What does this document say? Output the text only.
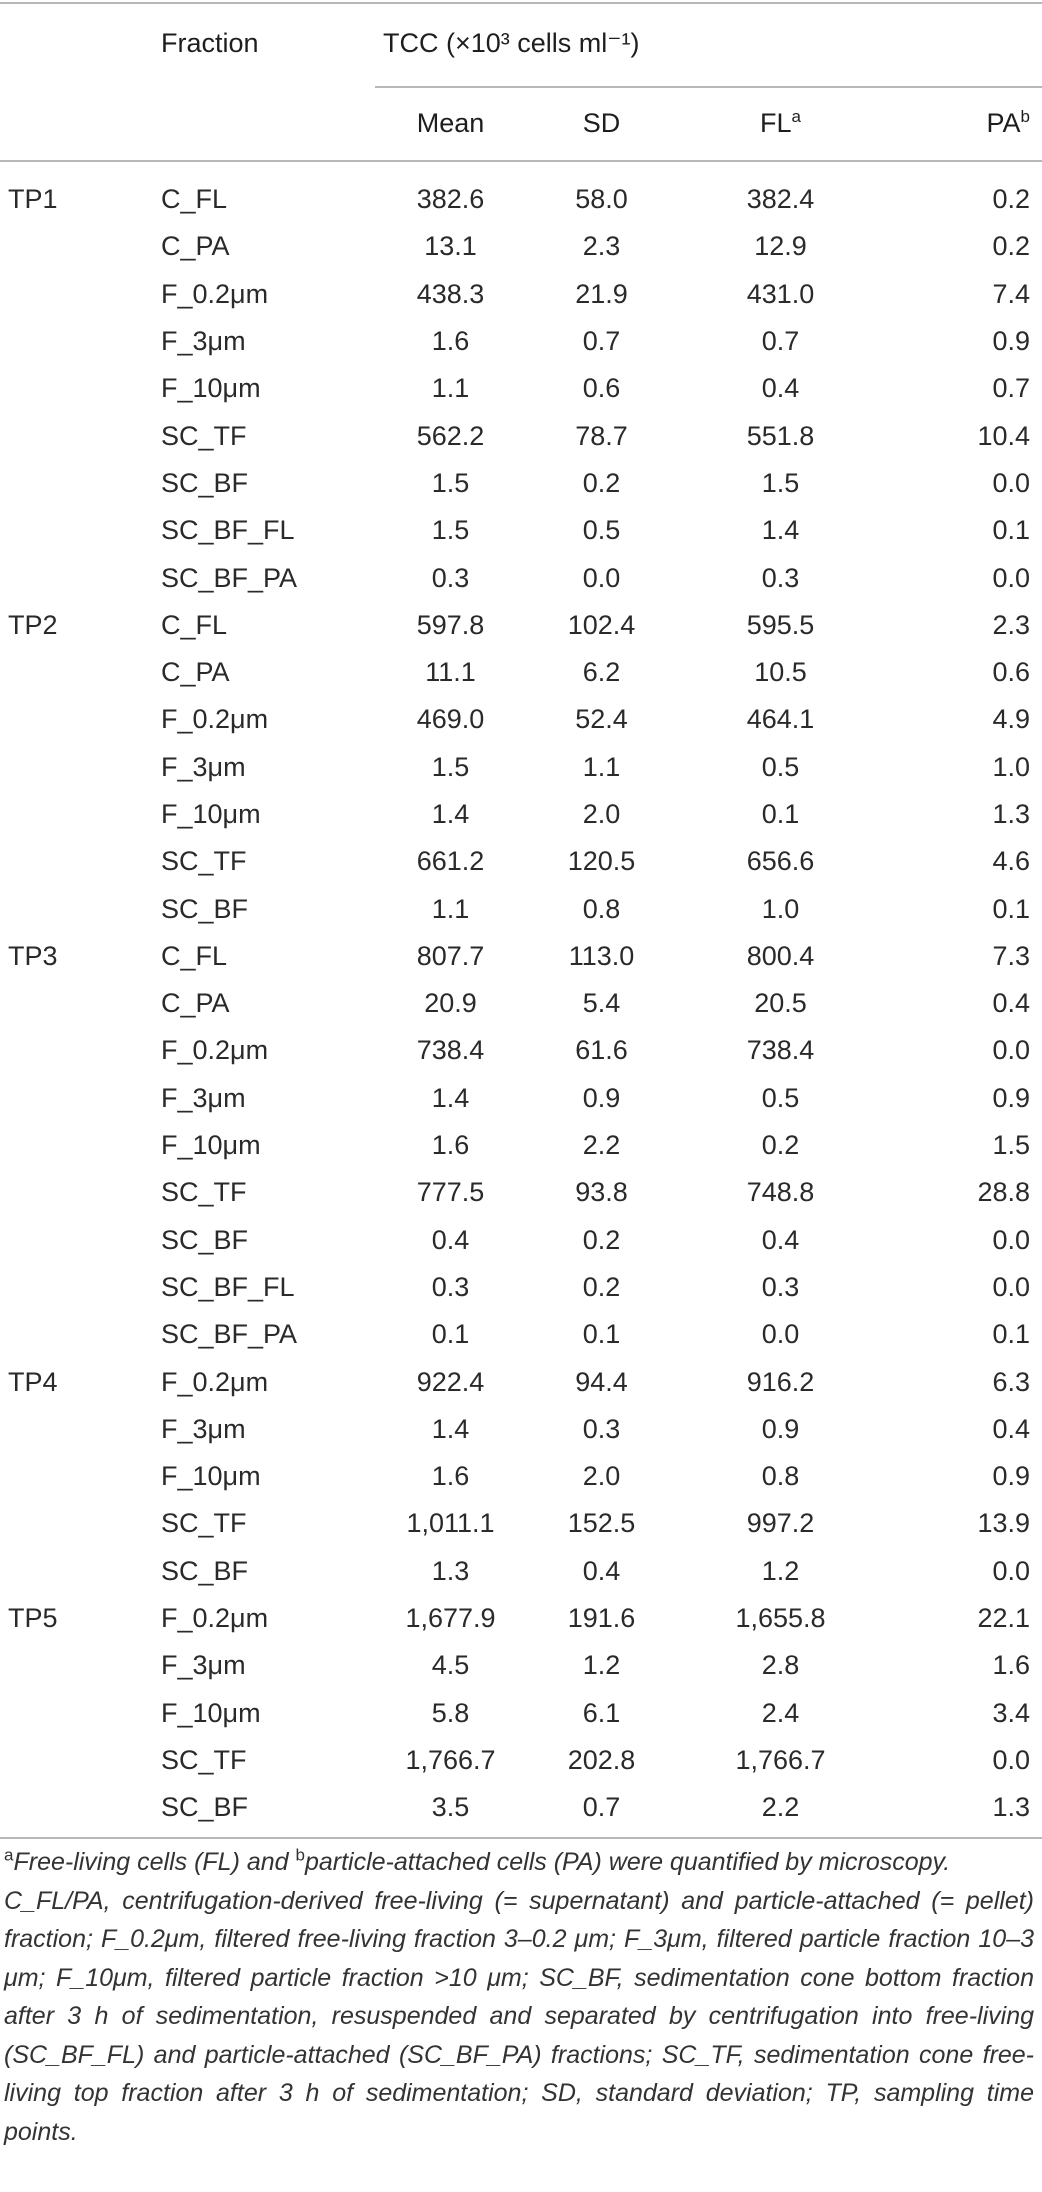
	Fraction	TCC (×10³ cells ml⁻¹)			
		Mean	SD	$FL^a$	$PA^b$

TP1	C_FL	382.6	58.0	382.4	0.2
	C_PA	13.1	2.3	12.9	0.2
	F_0.2μm	438.3	21.9	431.0	7.4
	F_3μm	1.6	0.7	0.7	0.9
	F_10μm	1.1	0.6	0.4	0.7
	SC_TF	562.2	78.7	551.8	10.4
	SC_BF	1.5	0.2	1.5	0.0
	SC_BF_FL	1.5	0.5	1.4	0.1
	SC_BF_PA	0.3	0.0	0.3	0.0
TP2	C_FL	597.8	102.4	595.5	2.3
	C_PA	11.1	6.2	10.5	0.6
	F_0.2μm	469.0	52.4	464.1	4.9
	F_3μm	1.5	1.1	0.5	1.0
	F_10μm	1.4	2.0	0.1	1.3
	SC_TF	661.2	120.5	656.6	4.6
	SC_BF	1.1	0.8	1.0	0.1
TP3	C_FL	807.7	113.0	800.4	7.3
	C_PA	20.9	5.4	20.5	0.4
	F_0.2μm	738.4	61.6	738.4	0.0
	F_3μm	1.4	0.9	0.5	0.9
	F_10μm	1.6	2.2	0.2	1.5
	SC_TF	777.5	93.8	748.8	28.8
	SC_BF	0.4	0.2	0.4	0.0
	SC_BF_FL	0.3	0.2	0.3	0.0
	SC_BF_PA	0.1	0.1	0.0	0.1
TP4	F_0.2μm	922.4	94.4	916.2	6.3
	F_3μm	1.4	0.3	0.9	0.4
	F_10μm	1.6	2.0	0.8	0.9
	SC_TF	1,011.1	152.5	997.2	13.9
	SC_BF	1.3	0.4	1.2	0.0
TP5	F_0.2μm	1,677.9	191.6	1,655.8	22.1
	F_3μm	4.5	1.2	2.8	1.6
	F_10μm	5.8	6.1	2.4	3.4
	SC_TF	1,766.7	202.8	1,766.7	0.0
	SC_BF	3.5	0.7	2.2	1.3

$^a$Free-living cells (FL) and $^b$particle-attached cells (PA) were quantified by microscopy.

C_FL/PA, centrifugation-derived free-living (= supernatant) and particle-attached (= pellet) fraction; F_0.2μm, filtered free-living fraction 3–0.2 μm; F_3μm, filtered particle fraction 10–3 μm; F_10μm, filtered particle fraction >10 μm; SC_BF, sedimentation cone bottom fraction after 3 h of sedimentation, resuspended and separated by centrifugation into free-living (SC_BF_FL) and particle-attached (SC_BF_PA) fractions; SC_TF, sedimentation cone free-living top fraction after 3 h of sedimentation; SD, standard deviation; TP, sampling time points.
